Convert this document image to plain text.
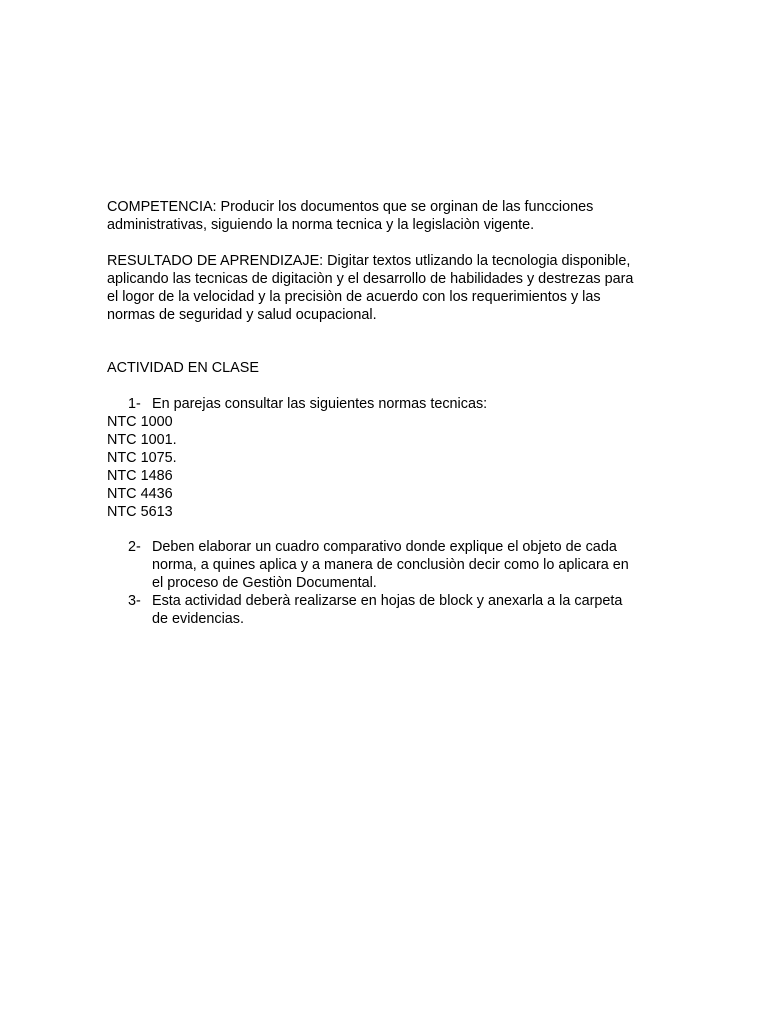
COMPETENCIA: Producir los documentos que se orginan de las funcciones
administrativas, siguiendo la norma tecnica y la legislaciòn vigente.
RESULTADO DE APRENDIZAJE: Digitar textos utlizando la tecnologia disponible,
aplicando las tecnicas de digitaciòn y el desarrollo de habilidades y destrezas para
el logor de la velocidad y la precisiòn de acuerdo con los requerimientos y las
normas de seguridad y salud ocupacional.
ACTIVIDAD EN CLASE
1- En parejas consultar las siguientes normas tecnicas:
NTC 1000
NTC 1001.
NTC 1075.
NTC 1486
NTC 4436
NTC 5613
2- Deben elaborar un cuadro comparativo donde explique el objeto de cada
norma, a quines aplica y a manera de conclusiòn decir como lo aplicara en
el proceso de Gestiòn Documental.
3- Esta actividad deberà realizarse en hojas de block y anexarla a la carpeta
de evidencias.
